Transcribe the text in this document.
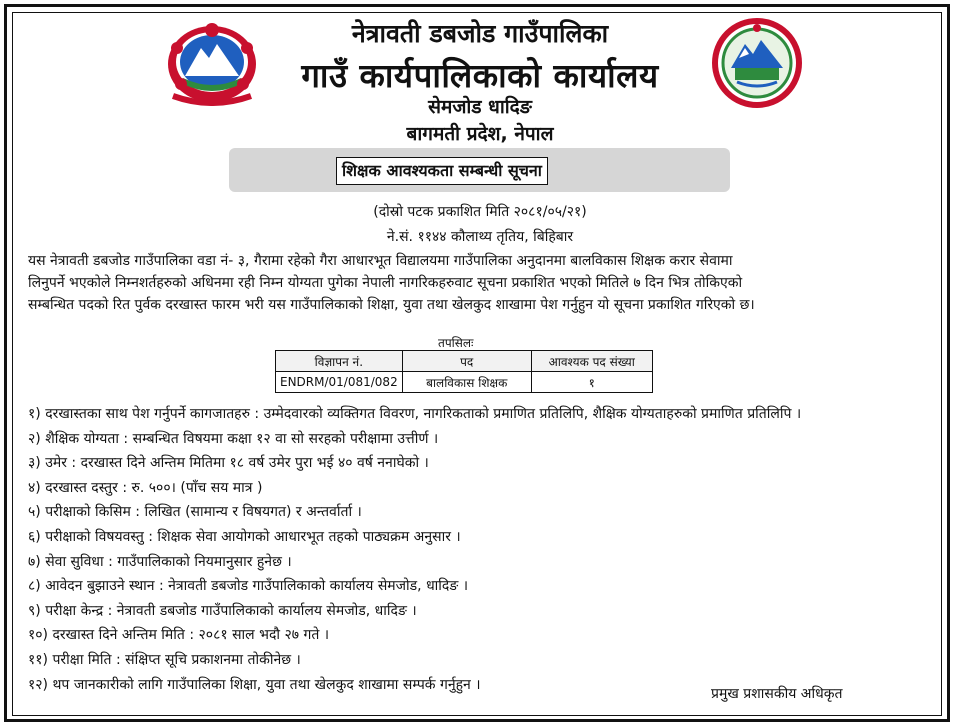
नेत्रावती डबजोड गाउँपालिका
गाउँ कार्यपालिकाको कार्यालय
सेमजोड धादिङ
बागमती प्रदेश, नेपाल
शिक्षक आवश्यकता सम्बन्धी सूचना
(दोस्रो पटक प्रकाशित मिति २०८१/०५/२१)
ने.सं. ११४४ कौलाथ्य तृतिय, बिहिबार
यस नेत्रावती डबजोड गाउँपालिका वडा नं- ३, गैरामा रहेको गैरा आधारभूत विद्यालयमा गाउँपालिका अनुदानमा बालविकास शिक्षक करार सेवामा
लिनुपर्ने भएकोले निम्नशर्तहरुको अधिनमा रही निम्न योग्यता पुगेका नेपाली नागरिकहरुवाट सूचना प्रकाशित भएको मितिले ७ दिन भित्र तोकिएको
सम्बन्धित पदको रित पुर्वक दरखास्त फारम भरी यस गाउँपालिकाको शिक्षा, युवा तथा खेलकुद शाखामा पेश गर्नुहुन यो सूचना प्रकाशित गरिएको छ।
तपसिलः
विज्ञापन नं.	पद	आवश्यक पद संख्या
ENDRM/01/081/082	बालविकास शिक्षक	१
१) दरखास्तका साथ पेश गर्नुपर्ने कागजातहरु : उम्मेदवारको व्यक्तिगत विवरण, नागरिकताको प्रमाणित प्रतिलिपि, शैक्षिक योग्यताहरुको प्रमाणित प्रतिलिपि ।
२) शैक्षिक योग्यता : सम्बन्धित विषयमा कक्षा १२ वा सो सरहको परीक्षामा उत्तीर्ण ।
३) उमेर : दरखास्त दिने अन्तिम मितिमा १८ वर्ष उमेर पुरा भई ४० वर्ष ननाघेको ।
४) दरखास्त दस्तुर : रु. ५००। (पाँच सय मात्र )
५) परीक्षाको किसिम : लिखित (सामान्य र विषयगत) र अन्तर्वार्ता ।
६) परीक्षाको विषयवस्तु : शिक्षक सेवा आयोगको आधारभूत तहको पाठ्यक्रम अनुसार ।
७) सेवा सुविधा : गाउँपालिकाको नियमानुसार हुनेछ ।
८) आवेदन बुझाउने स्थान : नेत्रावती डबजोड गाउँपालिकाको कार्यालय सेमजोड, धादिङ ।
९) परीक्षा केन्द्र : नेत्रावती डबजोड गाउँपालिकाको कार्यालय सेमजोड, धादिङ ।
१०) दरखास्त दिने अन्तिम मिति : २०८१ साल भदौ २७ गते ।
११) परीक्षा मिति : संक्षिप्त सूचि प्रकाशनमा तोकीनेछ ।
१२) थप जानकारीको लागि गाउँपालिका शिक्षा, युवा तथा खेलकुद शाखामा सम्पर्क गर्नुहुन ।
प्रमुख प्रशासकीय अधिकृत
